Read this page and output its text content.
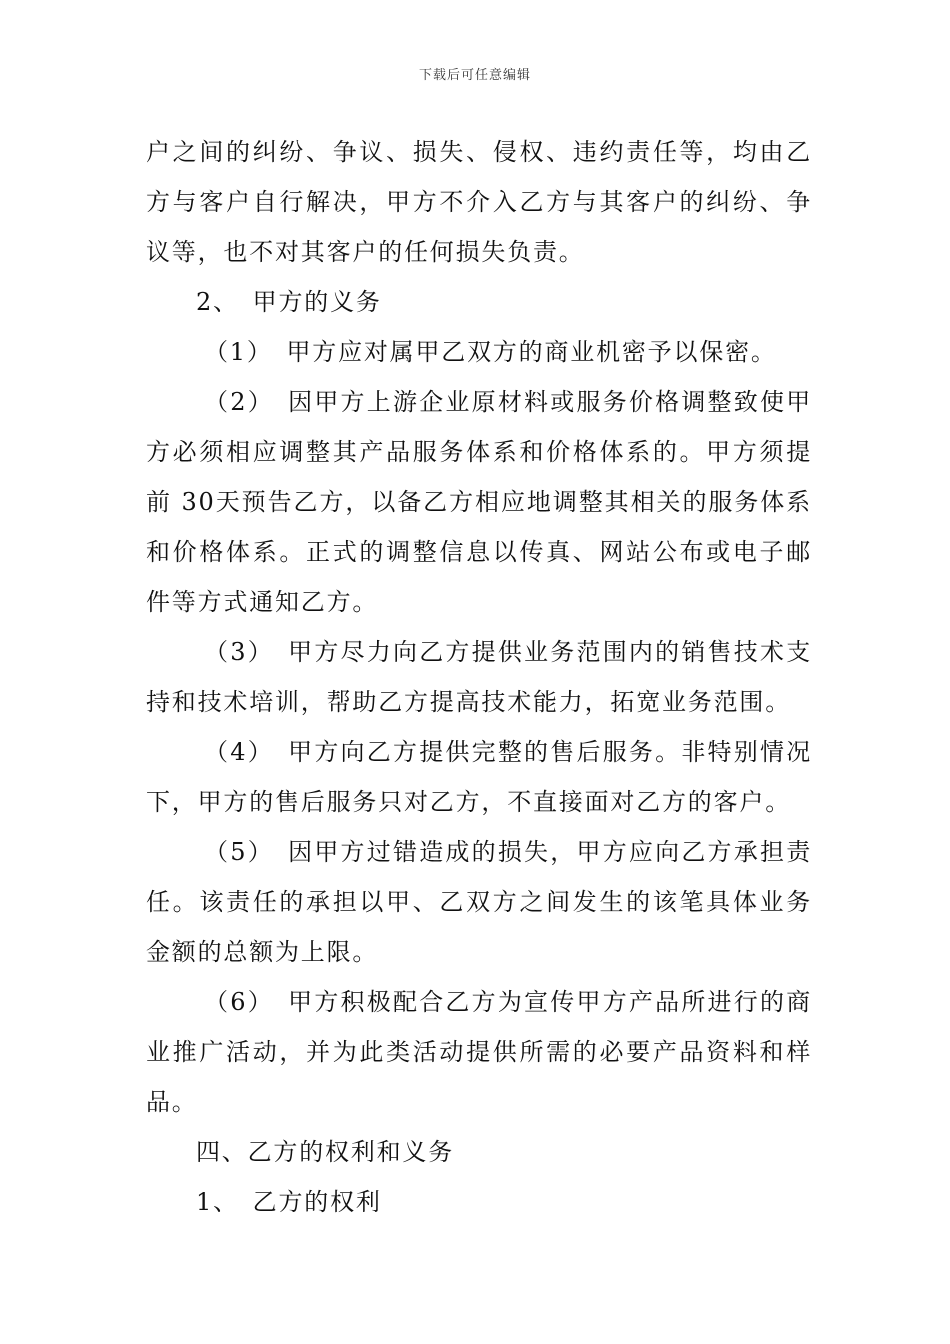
下载后可任意编辑

户之间的纠纷、争议、损失、侵权、违约责任等，均由乙方与客户自行解决，甲方不介入乙方与其客户的纠纷、争议等，也不对其客户的任何损失负责。

2、　甲方的义务

（1）　甲方应对属甲乙双方的商业机密予以保密。

（2）　因甲方上游企业原材料或服务价格调整致使甲方必须相应调整其产品服务体系和价格体系的。甲方须提前 30天预告乙方，以备乙方相应地调整其相关的服务体系和价格体系。正式的调整信息以传真、网站公布或电子邮件等方式通知乙方。

（3）　甲方尽力向乙方提供业务范围内的销售技术支持和技术培训，帮助乙方提高技术能力，拓宽业务范围。

（4）　甲方向乙方提供完整的售后服务。非特别情况下，甲方的售后服务只对乙方，不直接面对乙方的客户。

（5）　因甲方过错造成的损失，甲方应向乙方承担责任。该责任的承担以甲、乙双方之间发生的该笔具体业务金额的总额为上限。

（6）　甲方积极配合乙方为宣传甲方产品所进行的商业推广活动，并为此类活动提供所需的必要产品资料和样品。

四、乙方的权利和义务

1、　乙方的权利
